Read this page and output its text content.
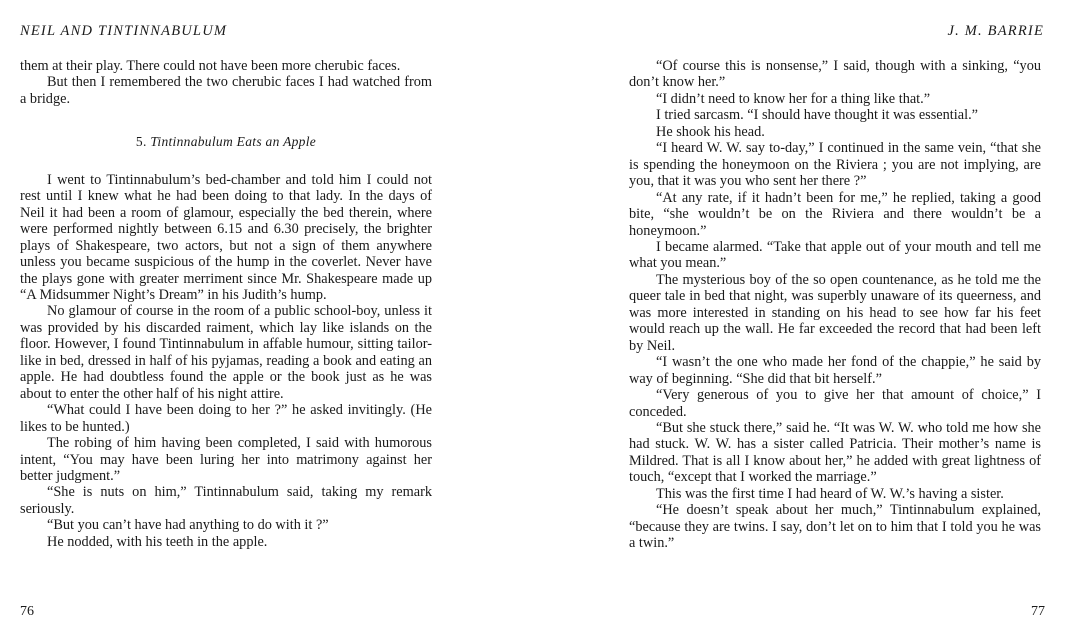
NEIL AND TINTINNABULUM

them at their play. There could not have been more cherubic faces.

But then I remembered the two cherubic faces I had watched from a bridge.

5. Tintinnabulum Eats an Apple

I went to Tintinnabulum’s bed-chamber and told him I could not rest until I knew what he had been doing to that lady. In the days of Neil it had been a room of glamour, especially the bed therein, where were performed nightly between 6.15 and 6.30 precisely, the brighter plays of Shakespeare, two actors, but not a sign of them anywhere unless you became suspicious of the hump in the coverlet. Never have the plays gone with greater merriment since Mr. Shakespeare made up “A Midsummer Night’s Dream” in his Judith’s hump.

No glamour of course in the room of a public school-boy, unless it was provided by his discarded raiment, which lay like islands on the floor. However, I found Tintinnabulum in affable humour, sitting tailor-like in bed, dressed in half of his pyjamas, reading a book and eating an apple. He had doubtless found the apple or the book just as he was about to enter the other half of his night attire.

“What could I have been doing to her ?” he asked invitingly. (He likes to be hunted.)

The robing of him having been completed, I said with humorous intent, “You may have been luring her into matrimony against her better judgment.”

“She is nuts on him,” Tintinnabulum said, taking my remark seriously.

“But you can’t have had anything to do with it ?”

He nodded, with his teeth in the apple.

76
J. M. BARRIE

“Of course this is nonsense,” I said, though with a sinking, “you don’t know her.”

“I didn’t need to know her for a thing like that.”

I tried sarcasm. “I should have thought it was essential.”

He shook his head.

“I heard W. W. say to-day,” I continued in the same vein, “that she is spending the honeymoon on the Riviera ; you are not implying, are you, that it was you who sent her there ?”

“At any rate, if it hadn’t been for me,” he replied, taking a good bite, “she wouldn’t be on the Riviera and there wouldn’t be a honeymoon.”

I became alarmed. “Take that apple out of your mouth and tell me what you mean.”

The mysterious boy of the so open countenance, as he told me the queer tale in bed that night, was superbly unaware of its queerness, and was more interested in standing on his head to see how far his feet would reach up the wall. He far exceeded the record that had been left by Neil.

“I wasn’t the one who made her fond of the chappie,” he said by way of beginning. “She did that bit herself.”

“Very generous of you to give her that amount of choice,” I conceded.

“But she stuck there,” said he. “It was W. W. who told me how she had stuck. W. W. has a sister called Patricia. Their mother’s name is Mildred. That is all I know about her,” he added with great lightness of touch, “except that I worked the marriage.”

This was the first time I had heard of W. W.’s having a sister.

“He doesn’t speak about her much,” Tintinnabulum explained, “because they are twins. I say, don’t let on to him that I told you he was a twin.”

77
